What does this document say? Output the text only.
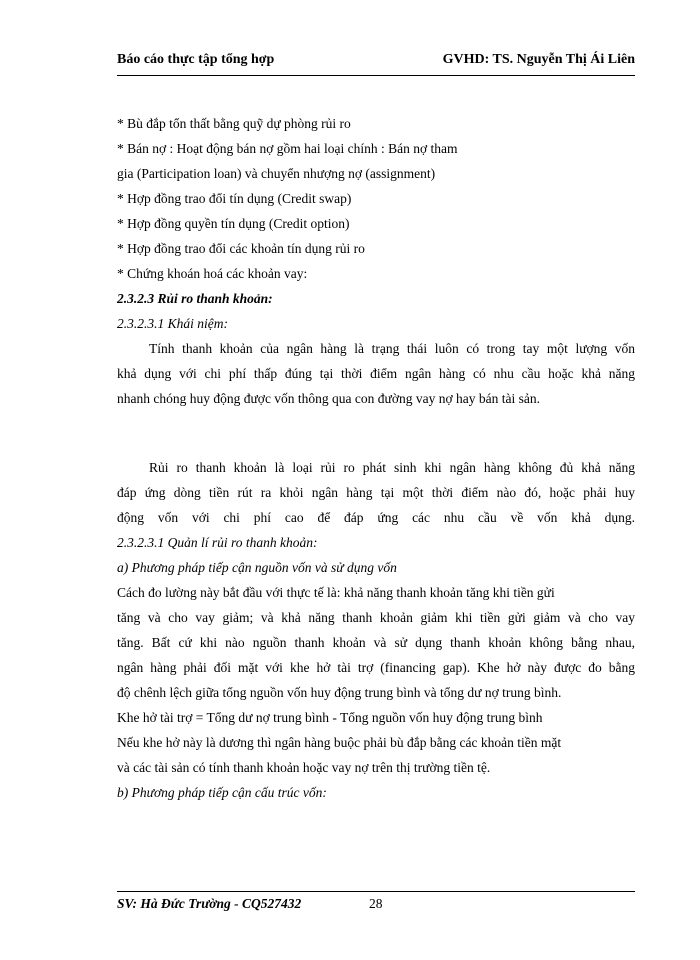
Báo cáo thực tập tổng hợp	GVHD: TS. Nguyễn Thị Ái Liên

* Bù đắp tổn thất bằng quỹ dự phòng rủi ro

* Bán nợ : Hoạt động bán nợ gồm hai loại chính : Bán nợ tham

gia (Participation loan) và chuyển nhượng nợ (assignment)

* Hợp đồng trao đổi tín dụng (Credit swap)

* Hợp đồng quyền tín dụng (Credit option)

* Hợp đồng trao đổi các khoản tín dụng rủi ro

* Chứng khoán hoá các khoản vay:

2.3.2.3 Rủi ro thanh khoản:

2.3.2.3.1 Khái niệm:

Tính thanh khoản của ngân hàng là trạng thái luôn có trong tay một lượng vốn

khả dụng với chi phí thấp đúng tại thời điểm ngân hàng có nhu cầu hoặc khả năng

nhanh chóng huy động được vốn thông qua con đường vay nợ hay bán tài sản.

Rủi ro thanh khoản là loại rủi ro phát sinh khi ngân hàng không đủ khả năng

đáp ứng dòng tiền rút ra khỏi ngân hàng tại một thời điểm nào đó, hoặc phải huy

động vốn với chi phí cao để đáp ứng các nhu cầu về vốn khả dụng.

2.3.2.3.1 Quản lí rủi ro thanh khoản:

a) Phương pháp tiếp cận nguồn vốn và sử dụng vốn

Cách đo lường này bắt đầu với thực tế là: khả năng thanh khoản tăng khi tiền gửi

tăng và cho vay giảm; và khả năng thanh khoản giảm khi tiền gửi giảm và cho vay

tăng. Bất cứ khi nào nguồn thanh khoản và sử dụng thanh khoản không bằng nhau,

ngân hàng phải đối mặt với khe hở tài trợ (financing gap). Khe hở này được đo bằng

độ chênh lệch giữa tổng nguồn vốn huy động trung bình và tổng dư nợ trung bình.

Khe hở tài trợ = Tổng dư nợ trung bình - Tổng nguồn vốn huy động trung bình

Nếu khe hở này là dương thì ngân hàng buộc phải bù đắp bằng các khoản tiền mặt

và các tài sản có tính thanh khoản hoặc vay nợ trên thị trường tiền tệ.

b) Phương pháp tiếp cận cấu trúc vốn:

SV: Hà Đức Trường - CQ527432	28
